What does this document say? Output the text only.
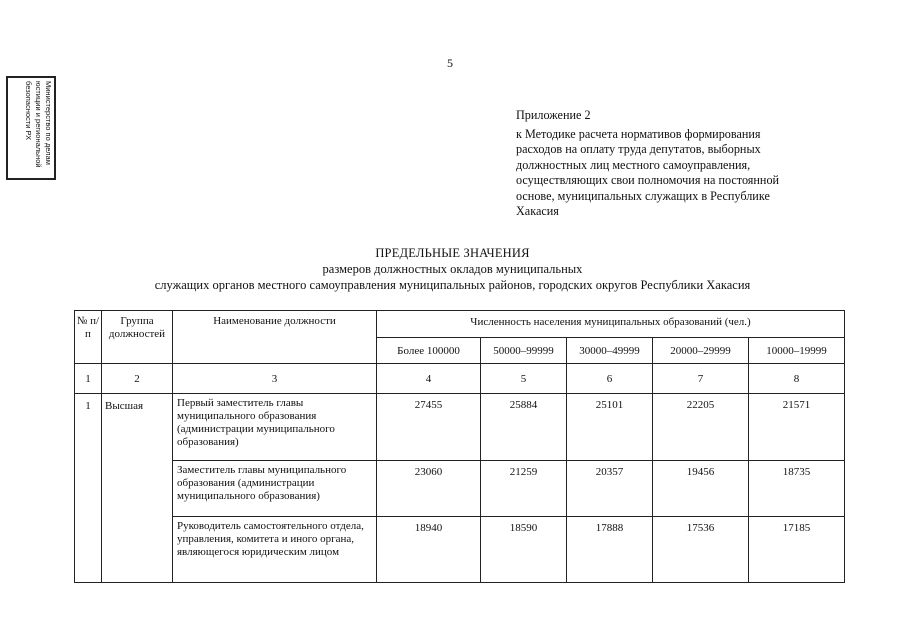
5
Министерство по делам
юстиции и региональной
безопасности РХ	Приложение 2
к Методике расчета нормативов формирования
расходов на оплату труда депутатов, выборных
должностных лиц местного самоуправления,
осуществляющих свои полномочия на постоянной
основе, муниципальных служащих в Республике
Хакасия
ПРЕДЕЛЬНЫЕ ЗНАЧЕНИЯ
размеров должностных окладов муниципальных
служащих органов местного самоуправления муниципальных районов, городских округов Республики Хакасия
№ п/п	Группа должностей	Наименование должности	Численность населения муниципальных образований (чел.)				
			Более 100000	50000–99999	30000–49999	20000–29999	10000–19999
1	2	3	4	5	6	7	8
1	Высшая	Первый заместитель главы муниципального образования (администрации муниципального образования)	27455	25884	25101	22205	21571
		Заместитель главы муниципального образования (администрации муниципального образования)	23060	21259	20357	19456	18735
		Руководитель самостоятельного отдела, управления, комитета и иного органа, являющегося юридическим лицом	18940	18590	17888	17536	17185
